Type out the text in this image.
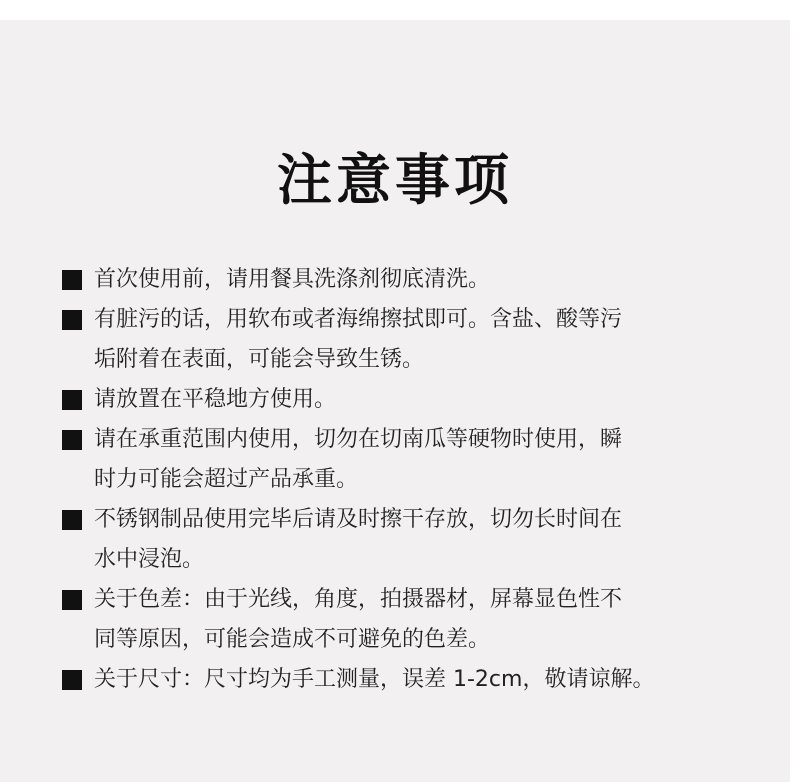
注意事项
首次使用前，请用餐具洗涤剂彻底清洗。
有脏污的话，用软布或者海绵擦拭即可。含盐、酸等污
垢附着在表面，可能会导致生锈。
请放置在平稳地方使用。
请在承重范围内使用，切勿在切南瓜等硬物时使用，瞬
时力可能会超过产品承重。
不锈钢制品使用完毕后请及时擦干存放，切勿长时间在
水中浸泡。
关于色差：由于光线，角度，拍摄器材，屏幕显色性不
同等原因，可能会造成不可避免的色差。
关于尺寸：尺寸均为手工测量，误差 1-2cm，敬请谅解。
